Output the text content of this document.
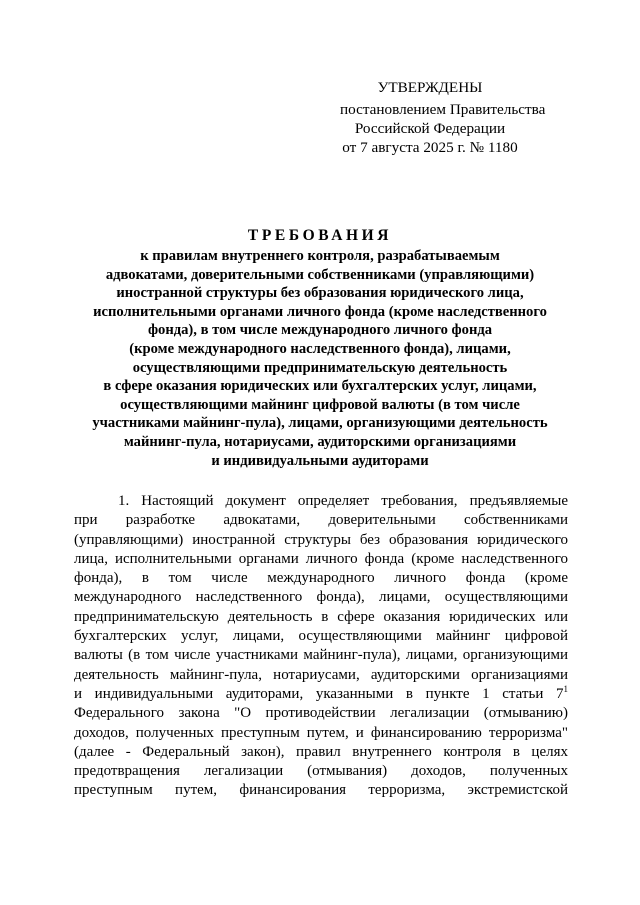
УТВЕРЖДЕНЫ
постановлением Правительства
Российской Федерации
от 7 августа 2025 г. № 1180
ТРЕБОВАНИЯ
к правилам внутреннего контроля, разрабатываемым
адвокатами, доверительными собственниками (управляющими)
иностранной структуры без образования юридического лица,
исполнительными органами личного фонда (кроме наследственного
фонда), в том числе международного личного фонда
(кроме международного наследственного фонда), лицами,
осуществляющими предпринимательскую деятельность
в сфере оказания юридических или бухгалтерских услуг, лицами,
осуществляющими майнинг цифровой валюты (в том числе
участниками майнинг-пула), лицами, организующими деятельность
майнинг-пула, нотариусами, аудиторскими организациями
и индивидуальными аудиторами
1. Настоящий документ определяет требования, предъявляемые
при разработке адвокатами, доверительными собственниками
(управляющими) иностранной структуры без образования юридического
лица, исполнительными органами личного фонда (кроме наследственного
фонда), в том числе международного личного фонда (кроме
международного наследственного фонда), лицами, осуществляющими
предпринимательскую деятельность в сфере оказания юридических или
бухгалтерских услуг, лицами, осуществляющими майнинг цифровой
валюты (в том числе участниками майнинг-пула), лицами, организующими
деятельность майнинг-пула, нотариусами, аудиторскими организациями
и индивидуальными аудиторами, указанными в пункте 1 статьи $7^1$
Федерального закона "О противодействии легализации (отмыванию)
доходов, полученных преступным путем, и финансированию терроризма"
(далее - Федеральный закон), правил внутреннего контроля в целях
предотвращения легализации (отмывания) доходов, полученных
преступным путем, финансирования терроризма, экстремистской
